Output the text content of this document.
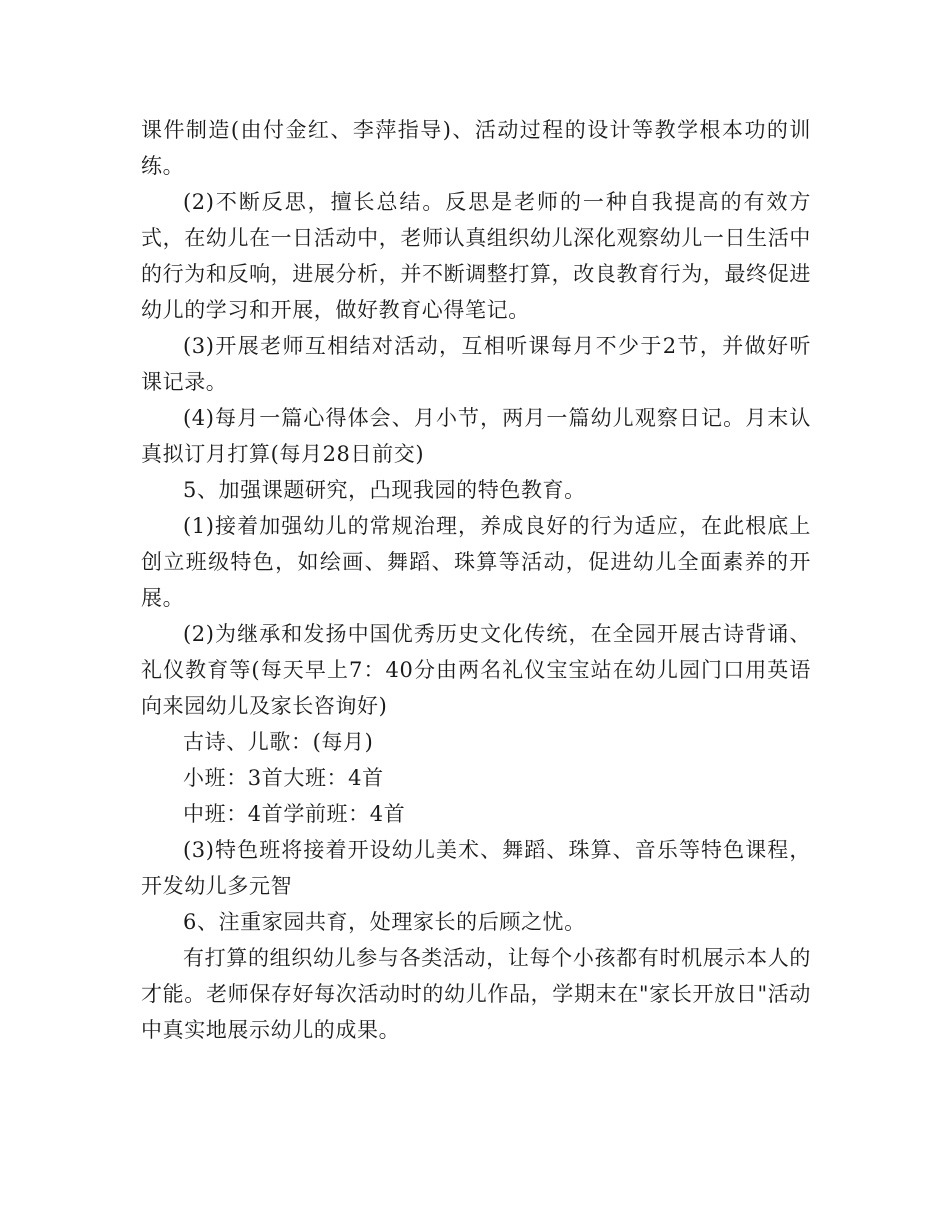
课件制造(由付金红、李萍指导)、活动过程的设计等教学根本功的训练。

(2)不断反思，擅长总结。反思是老师的一种自我提高的有效方式，在幼儿在一日活动中，老师认真组织幼儿深化观察幼儿一日生活中的行为和反响，进展分析，并不断调整打算，改良教育行为，最终促进幼儿的学习和开展，做好教育心得笔记。

(3)开展老师互相结对活动，互相听课每月不少于2节，并做好听课记录。

(4)每月一篇心得体会、月小节，两月一篇幼儿观察日记。月末认真拟订月打算(每月28日前交)

5、加强课题研究，凸现我园的特色教育。

(1)接着加强幼儿的常规治理，养成良好的行为适应，在此根底上创立班级特色，如绘画、舞蹈、珠算等活动，促进幼儿全面素养的开展。

(2)为继承和发扬中国优秀历史文化传统，在全园开展古诗背诵、礼仪教育等(每天早上7：40分由两名礼仪宝宝站在幼儿园门口用英语向来园幼儿及家长咨询好)

古诗、儿歌：(每月)

小班：3首大班：4首

中班：4首学前班：4首

(3)特色班将接着开设幼儿美术、舞蹈、珠算、音乐等特色课程，开发幼儿多元智

6、注重家园共育，处理家长的后顾之忧。

有打算的组织幼儿参与各类活动，让每个小孩都有时机展示本人的才能。老师保存好每次活动时的幼儿作品，学期末在"家长开放日"活动中真实地展示幼儿的成果。
